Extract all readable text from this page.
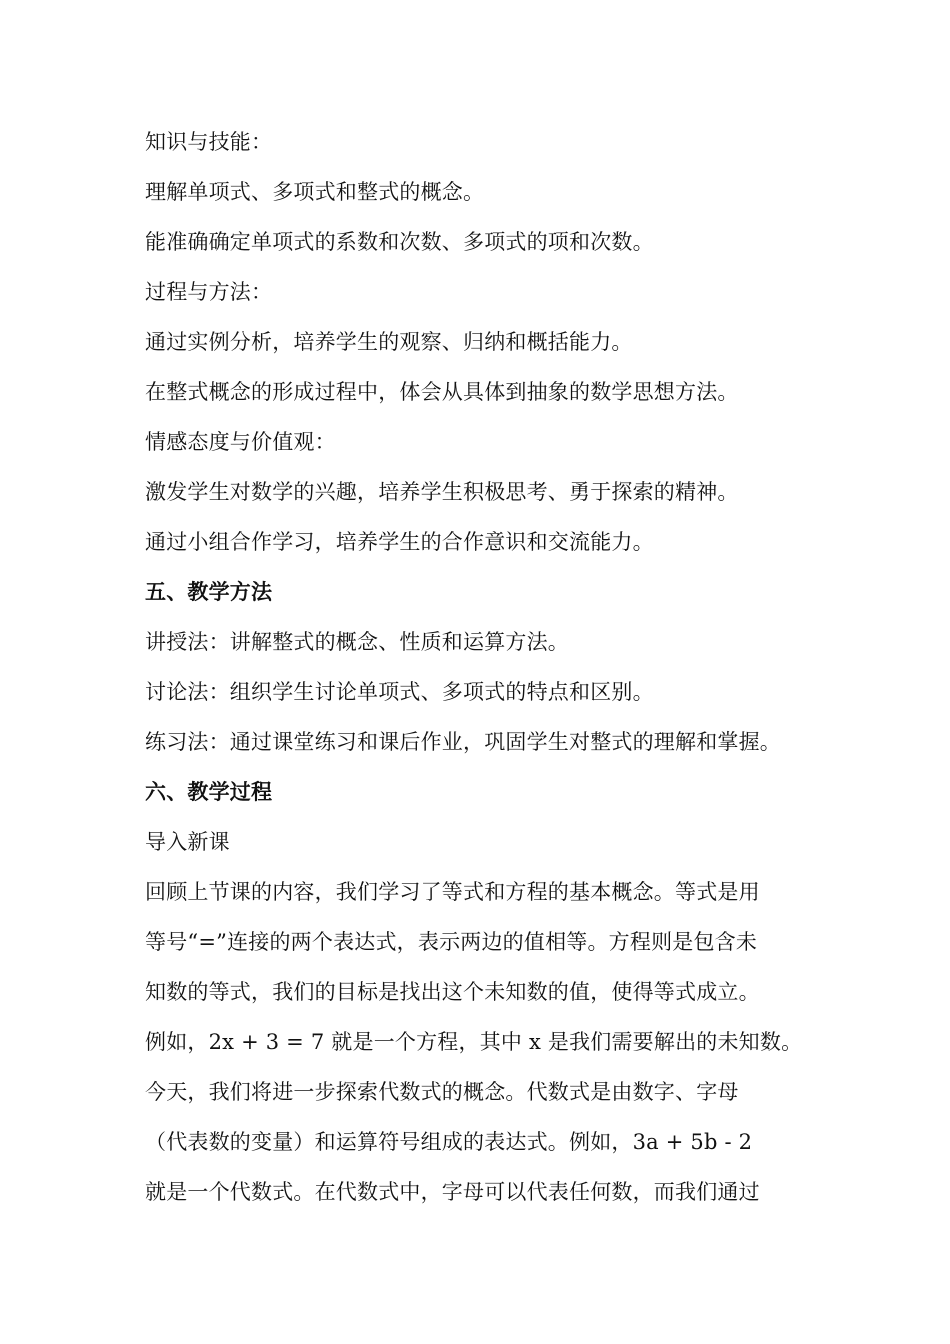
知识与技能：
理解单项式、多项式和整式的概念。
能准确确定单项式的系数和次数、多项式的项和次数。
过程与方法：
通过实例分析，培养学生的观察、归纳和概括能力。
在整式概念的形成过程中，体会从具体到抽象的数学思想方法。
情感态度与价值观：
激发学生对数学的兴趣，培养学生积极思考、勇于探索的精神。
通过小组合作学习，培养学生的合作意识和交流能力。
五、教学方法
讲授法：讲解整式的概念、性质和运算方法。
讨论法：组织学生讨论单项式、多项式的特点和区别。
练习法：通过课堂练习和课后作业，巩固学生对整式的理解和掌握。
六、教学过程
导入新课
回顾上节课的内容，我们学习了等式和方程的基本概念。等式是用
等号“=”连接的两个表达式，表示两边的值相等。方程则是包含未
知数的等式，我们的目标是找出这个未知数的值，使得等式成立。
例如，2x + 3 = 7 就是一个方程，其中 x 是我们需要解出的未知数。
今天，我们将进一步探索代数式的概念。代数式是由数字、字母
（代表数的变量）和运算符号组成的表达式。例如，3a + 5b - 2
就是一个代数式。在代数式中，字母可以代表任何数，而我们通过
